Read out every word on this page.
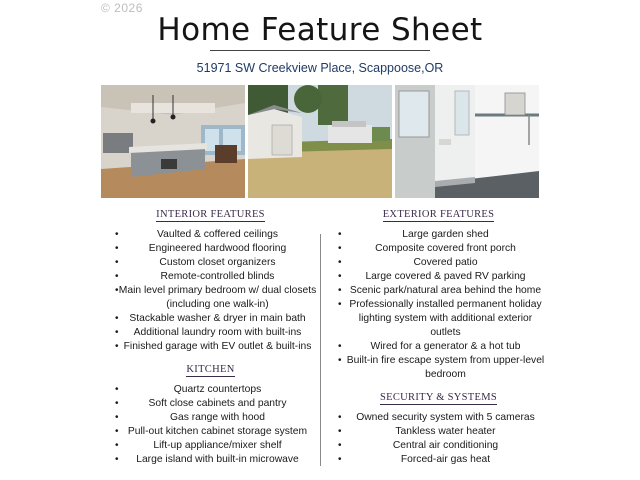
© 2026
Home Feature Sheet
51971 SW Creekview Place, Scappoose,OR

INTERIOR FEATURES

• Vaulted & coffered ceilings
• Engineered hardwood flooring
• Custom closet organizers
• Remote-controlled blinds
• Main level primary bedroom w/ dual closets (including one walk-in)
• Stackable washer & dryer in main bath
• Additional laundry room with built-ins
• Finished garage with EV outlet & built-ins

KITCHEN

• Quartz countertops
• Soft close cabinets and pantry
• Gas range with hood
• Pull-out kitchen cabinet storage system
• Lift-up appliance/mixer shelf
• Large island with built-in microwave

EXTERIOR FEATURES

• Large garden shed
• Composite covered front porch
• Covered patio
• Large covered & paved RV parking
• Scenic park/natural area behind the home
• Professionally installed permanent holiday lighting system with additional exterior outlets
• Wired for a generator & a hot tub
• Built-in fire escape system from upper-level bedroom

SECURITY & SYSTEMS

• Owned security system with 5 cameras
• Tankless water heater
• Central air conditioning
• Forced-air gas heat
